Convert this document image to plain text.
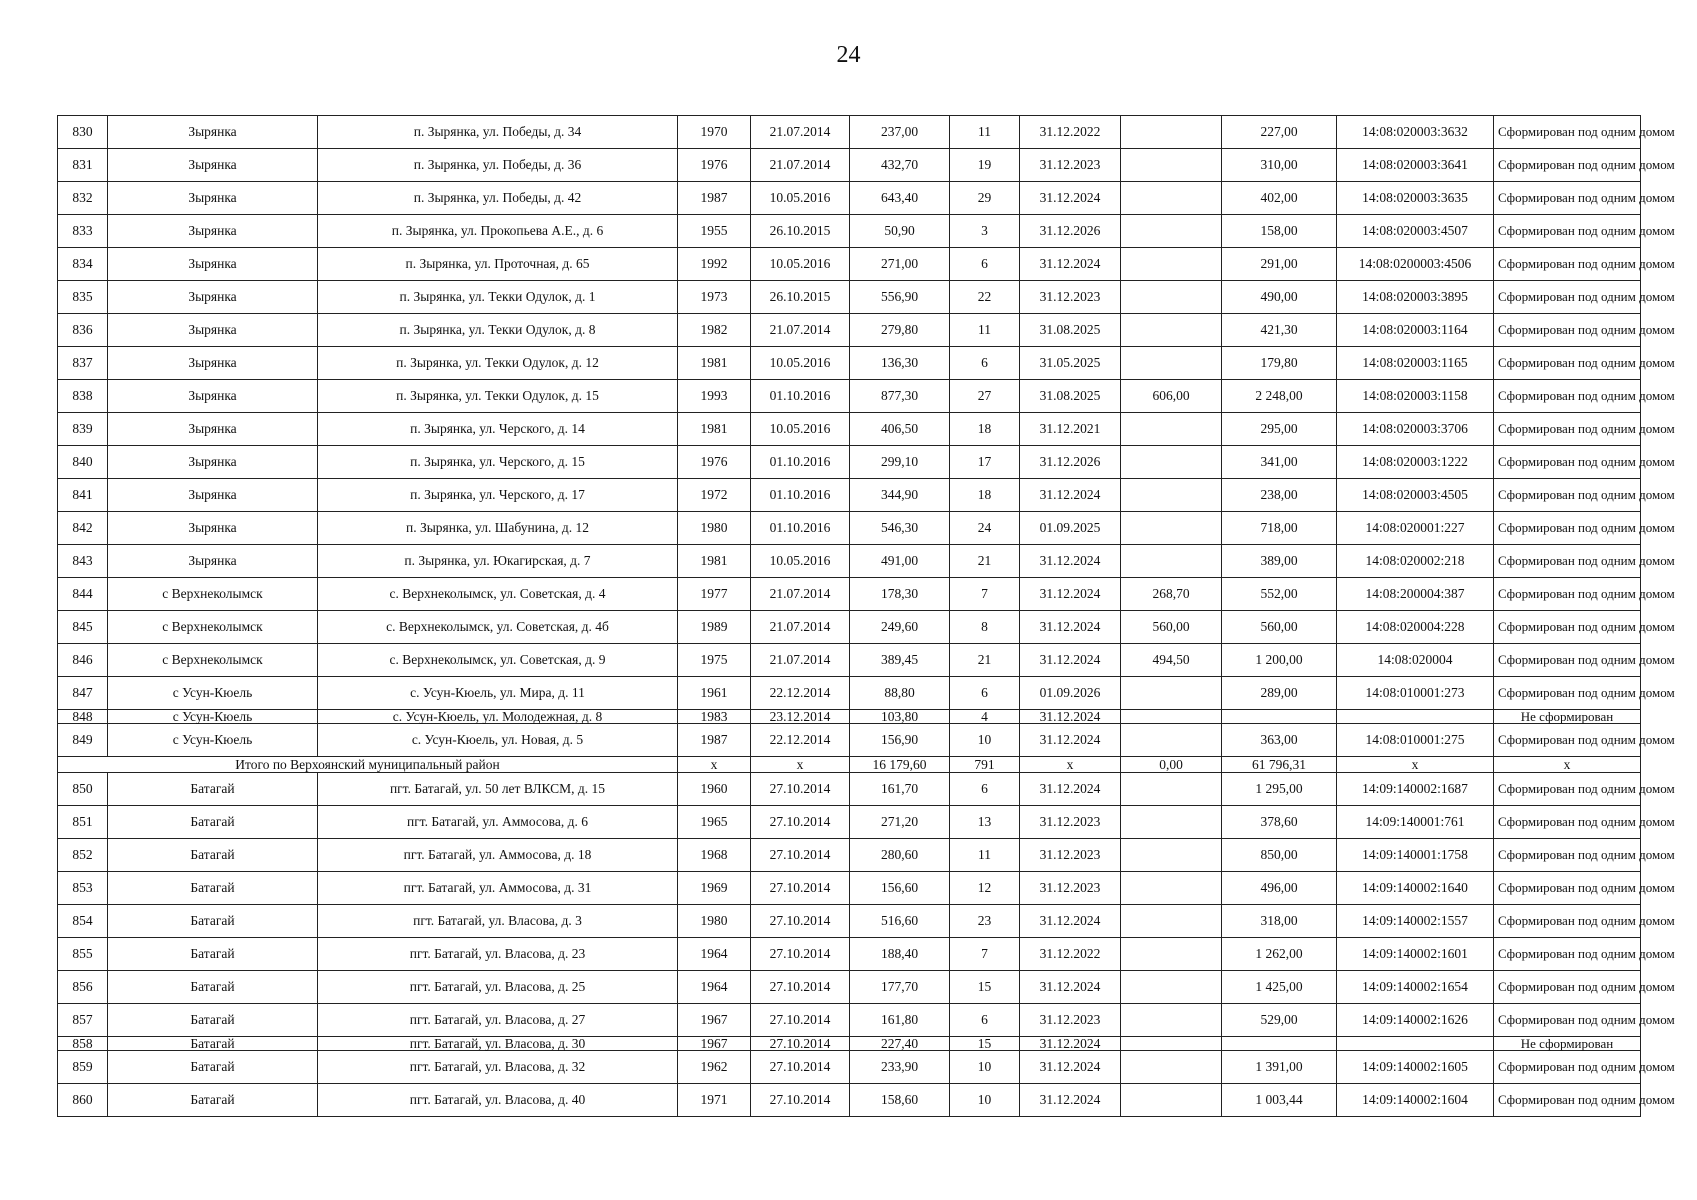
24
830	Зырянка	п. Зырянка, ул. Победы, д. 34	1970	21.07.2014	237,00	11	31.12.2022		227,00	14:08:020003:3632	Сформирован под одним домом
831	Зырянка	п. Зырянка, ул. Победы, д. 36	1976	21.07.2014	432,70	19	31.12.2023		310,00	14:08:020003:3641	Сформирован под одним домом
832	Зырянка	п. Зырянка, ул. Победы, д. 42	1987	10.05.2016	643,40	29	31.12.2024		402,00	14:08:020003:3635	Сформирован под одним домом
833	Зырянка	п. Зырянка, ул. Прокопьева А.Е., д. 6	1955	26.10.2015	50,90	3	31.12.2026		158,00	14:08:020003:4507	Сформирован под одним домом
834	Зырянка	п. Зырянка, ул. Проточная, д. 65	1992	10.05.2016	271,00	6	31.12.2024		291,00	14:08:0200003:4506	Сформирован под одним домом
835	Зырянка	п. Зырянка, ул. Текки Одулок, д. 1	1973	26.10.2015	556,90	22	31.12.2023		490,00	14:08:020003:3895	Сформирован под одним домом
836	Зырянка	п. Зырянка, ул. Текки Одулок, д. 8	1982	21.07.2014	279,80	11	31.08.2025		421,30	14:08:020003:1164	Сформирован под одним домом
837	Зырянка	п. Зырянка, ул. Текки Одулок, д. 12	1981	10.05.2016	136,30	6	31.05.2025		179,80	14:08:020003:1165	Сформирован под одним домом
838	Зырянка	п. Зырянка, ул. Текки Одулок, д. 15	1993	01.10.2016	877,30	27	31.08.2025	606,00	2 248,00	14:08:020003:1158	Сформирован под одним домом
839	Зырянка	п. Зырянка, ул. Черского, д. 14	1981	10.05.2016	406,50	18	31.12.2021		295,00	14:08:020003:3706	Сформирован под одним домом
840	Зырянка	п. Зырянка, ул. Черского, д. 15	1976	01.10.2016	299,10	17	31.12.2026		341,00	14:08:020003:1222	Сформирован под одним домом
841	Зырянка	п. Зырянка, ул. Черского, д. 17	1972	01.10.2016	344,90	18	31.12.2024		238,00	14:08:020003:4505	Сформирован под одним домом
842	Зырянка	п. Зырянка, ул. Шабунина, д. 12	1980	01.10.2016	546,30	24	01.09.2025		718,00	14:08:020001:227	Сформирован под одним домом
843	Зырянка	п. Зырянка, ул. Юкагирская, д. 7	1981	10.05.2016	491,00	21	31.12.2024		389,00	14:08:020002:218	Сформирован под одним домом
844	с Верхнеколымск	с. Верхнеколымск, ул. Советская, д. 4	1977	21.07.2014	178,30	7	31.12.2024	268,70	552,00	14:08:200004:387	Сформирован под одним домом
845	с Верхнеколымск	с. Верхнеколымск, ул. Советская, д. 4б	1989	21.07.2014	249,60	8	31.12.2024	560,00	560,00	14:08:020004:228	Сформирован под одним домом
846	с Верхнеколымск	с. Верхнеколымск, ул. Советская, д. 9	1975	21.07.2014	389,45	21	31.12.2024	494,50	1 200,00	14:08:020004	Сформирован под одним домом
847	с Усун-Кюель	с. Усун-Кюель, ул. Мира, д. 11	1961	22.12.2014	88,80	6	01.09.2026		289,00	14:08:010001:273	Сформирован под одним домом
848	с Усун-Кюель	с. Усун-Кюель, ул. Молодежная, д. 8	1983	23.12.2014	103,80	4	31.12.2024				Не сформирован
849	с Усун-Кюель	с. Усун-Кюель, ул. Новая, д. 5	1987	22.12.2014	156,90	10	31.12.2024		363,00	14:08:010001:275	Сформирован под одним домом
Итого по Верхоянский муниципальный район			x	x	16 179,60	791	x	0,00	61 796,31	x	x
850	Батагай	пгт. Батагай, ул. 50 лет ВЛКСМ, д. 15	1960	27.10.2014	161,70	6	31.12.2024		1 295,00	14:09:140002:1687	Сформирован под одним домом
851	Батагай	пгт. Батагай, ул. Аммосова, д. 6	1965	27.10.2014	271,20	13	31.12.2023		378,60	14:09:140001:761	Сформирован под одним домом
852	Батагай	пгт. Батагай, ул. Аммосова, д. 18	1968	27.10.2014	280,60	11	31.12.2023		850,00	14:09:140001:1758	Сформирован под одним домом
853	Батагай	пгт. Батагай, ул. Аммосова, д. 31	1969	27.10.2014	156,60	12	31.12.2023		496,00	14:09:140002:1640	Сформирован под одним домом
854	Батагай	пгт. Батагай, ул. Власова, д. 3	1980	27.10.2014	516,60	23	31.12.2024		318,00	14:09:140002:1557	Сформирован под одним домом
855	Батагай	пгт. Батагай, ул. Власова, д. 23	1964	27.10.2014	188,40	7	31.12.2022		1 262,00	14:09:140002:1601	Сформирован под одним домом
856	Батагай	пгт. Батагай, ул. Власова, д. 25	1964	27.10.2014	177,70	15	31.12.2024		1 425,00	14:09:140002:1654	Сформирован под одним домом
857	Батагай	пгт. Батагай, ул. Власова, д. 27	1967	27.10.2014	161,80	6	31.12.2023		529,00	14:09:140002:1626	Сформирован под одним домом
858	Батагай	пгт. Батагай, ул. Власова, д. 30	1967	27.10.2014	227,40	15	31.12.2024				Не сформирован
859	Батагай	пгт. Батагай, ул. Власова, д. 32	1962	27.10.2014	233,90	10	31.12.2024		1 391,00	14:09:140002:1605	Сформирован под одним домом
860	Батагай	пгт. Батагай, ул. Власова, д. 40	1971	27.10.2014	158,60	10	31.12.2024		1 003,44	14:09:140002:1604	Сформирован под одним домом
